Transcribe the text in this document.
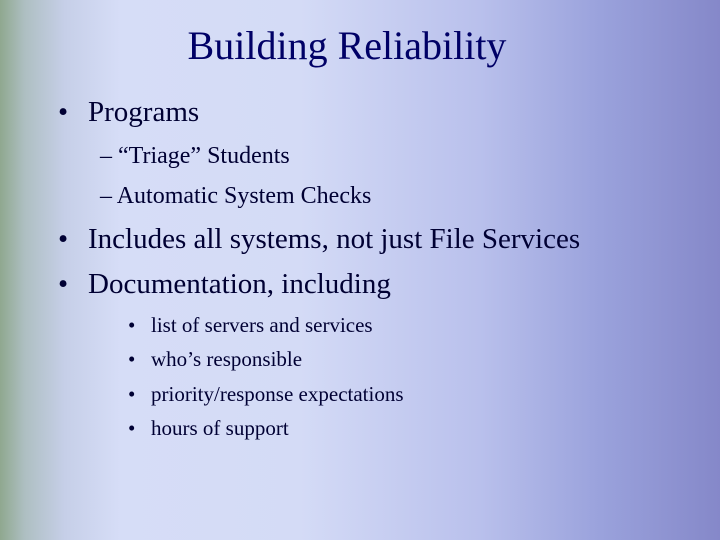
Building Reliability
• Programs
– “Triage” Students
– Automatic System Checks
• Includes all systems, not just File Services
• Documentation, including
• list of servers and services
• who’s responsible
• priority/response expectations
• hours of support
